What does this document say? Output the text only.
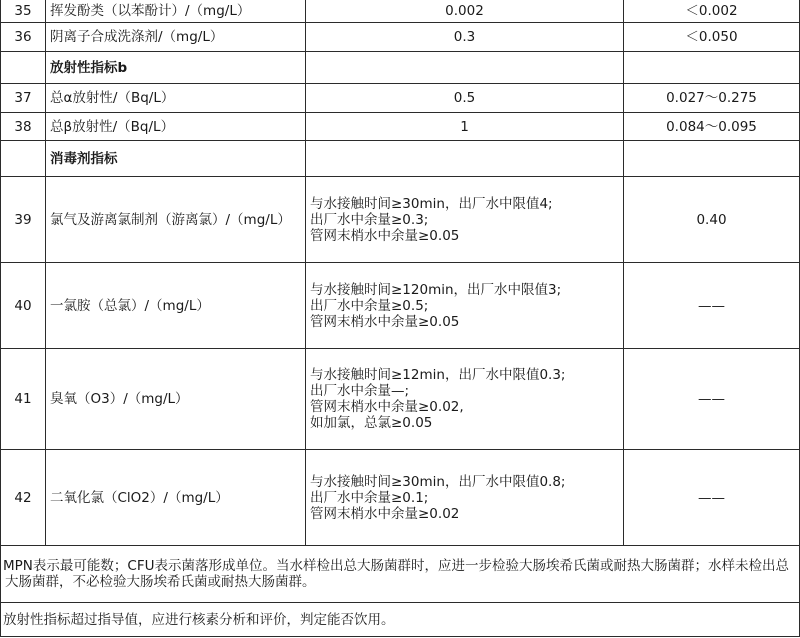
35	挥发酚类（以苯酚计）/（mg/L）	0.002	＜0.002
36	阴离子合成洗涤剂/（mg/L）	0.3	＜0.050
	放射性指标b		
37	总α放射性/（Bq/L）	0.5	0.027～0.275
38	总β放射性/（Bq/L）	1	0.084～0.095
	消毒剂指标		
39	氯气及游离氯制剂（游离氯）/（mg/L）	与水接触时间≥30min，出厂水中限值4;
出厂水中余量≥0.3;
管网末梢水中余量≥0.05	0.40
40	一氯胺（总氯）/（mg/L）	与水接触时间≥120min，出厂水中限值3;
出厂水中余量≥0.5;
管网末梢水中余量≥0.05	——
41	臭氧（O3）/（mg/L）	与水接触时间≥12min，出厂水中限值0.3;
出厂水中余量—;
管网末梢水中余量≥0.02,
如加氯，总氯≥0.05	——
42	二氧化氯（ClO2）/（mg/L）	与水接触时间≥30min，出厂水中限值0.8;
出厂水中余量≥0.1;
管网末梢水中余量≥0.02	——
MPN表示最可能数；CFU表示菌落形成单位。当水样检出总大肠菌群时，应进一步检验大肠埃希氏菌或耐热大肠菌群；水样未检出总大肠菌群，不必检验大肠埃希氏菌或耐热大肠菌群。			
放射性指标超过指导值，应进行核素分析和评价，判定能否饮用。			
